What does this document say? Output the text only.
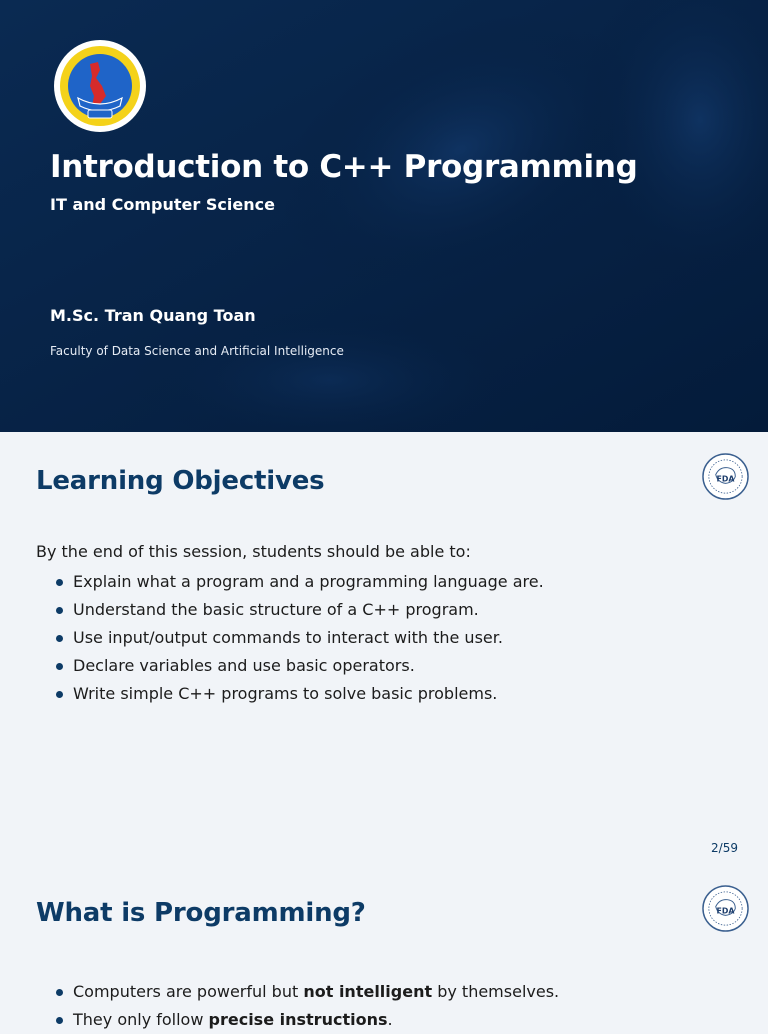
Introduction to C++ Programming
IT and Computer Science
M.Sc. Tran Quang Toan
Faculty of Data Science and Artificial Intelligence
Learning Objectives	FDA
By the end of this session, students should be able to:
Explain what a program and a programming language are.
Understand the basic structure of a C++ program.
Use input/output commands to interact with the user.
Declare variables and use basic operators.
Write simple C++ programs to solve basic problems.
2/59
What is Programming?	FDA
Computers are powerful but not intelligent by themselves.
They only follow precise instructions.
